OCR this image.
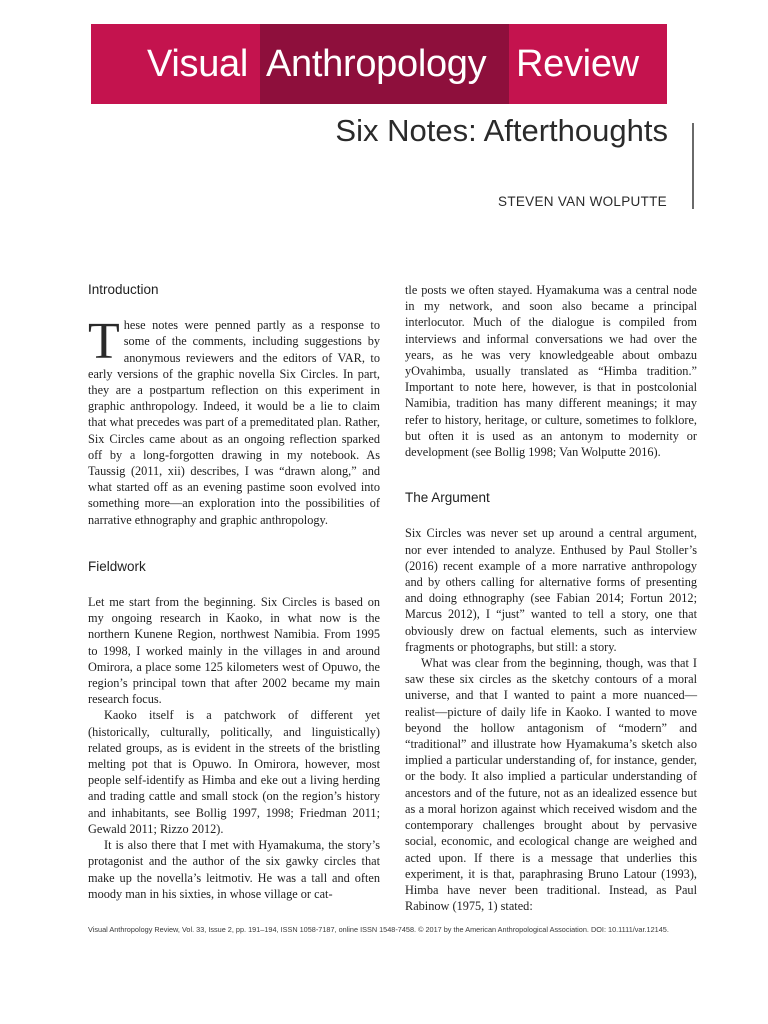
Visual Anthropology Review
Six Notes: Afterthoughts
STEVEN VAN WOLPUTTE
Introduction

These notes were penned partly as a response to some of the comments, including suggestions by anonymous reviewers and the editors of VAR, to early versions of the graphic novella Six Circles. In part, they are a postpartum reflection on this experiment in graphic anthropology. Indeed, it would be a lie to claim that what precedes was part of a premeditated plan. Rather, Six Circles came about as an ongoing reflection sparked off by a long-forgotten drawing in my notebook. As Taussig (2011, xii) describes, I was “drawn along,” and what started off as an evening pastime soon evolved into something more—an exploration into the possibilities of narrative ethnography and graphic anthropology.

Fieldwork

Let me start from the beginning. Six Circles is based on my ongoing research in Kaoko, in what now is the northern Kunene Region, northwest Namibia. From 1995 to 1998, I worked mainly in the villages in and around Omirora, a place some 125 kilometers west of Opuwo, the region’s principal town that after 2002 became my main research focus.

Kaoko itself is a patchwork of different yet (historically, culturally, politically, and linguistically) related groups, as is evident in the streets of the bristling melting pot that is Opuwo. In Omirora, however, most people self-identify as Himba and eke out a living herding and trading cattle and small stock (on the region’s history and inhabitants, see Bollig 1997, 1998; Friedman 2011; Gewald 2011; Rizzo 2012).

It is also there that I met with Hyamakuma, the story’s protagonist and the author of the six gawky circles that make up the novella’s leitmotiv. He was a tall and often moody man in his sixties, in whose village or cat-

tle posts we often stayed. Hyamakuma was a central node in my network, and soon also became a principal interlocutor. Much of the dialogue is compiled from interviews and informal conversations we had over the years, as he was very knowledgeable about ombazu yOvahimba, usually translated as “Himba tradition.” Important to note here, however, is that in postcolonial Namibia, tradition has many different meanings; it may refer to history, heritage, or culture, sometimes to folklore, but often it is used as an antonym to modernity or development (see Bollig 1998; Van Wolputte 2016).

The Argument

Six Circles was never set up around a central argument, nor ever intended to analyze. Enthused by Paul Stoller’s (2016) recent example of a more narrative anthropology and by others calling for alternative forms of presenting and doing ethnography (see Fabian 2014; Fortun 2012; Marcus 2012), I “just” wanted to tell a story, one that obviously drew on factual elements, such as interview fragments or photographs, but still: a story.

What was clear from the beginning, though, was that I saw these six circles as the sketchy contours of a moral universe, and that I wanted to paint a more nuanced—realist—picture of daily life in Kaoko. I wanted to move beyond the hollow antagonism of “modern” and “traditional” and illustrate how Hyamakuma’s sketch also implied a particular understanding of, for instance, gender, or the body. It also implied a particular understanding of ancestors and of the future, not as an idealized essence but as a moral horizon against which received wisdom and the contemporary challenges brought about by pervasive social, economic, and ecological change are weighed and acted upon. If there is a message that underlies this experiment, it is that, paraphrasing Bruno Latour (1993), Himba have never been traditional. Instead, as Paul Rabinow (1975, 1) stated:

Visual Anthropology Review, Vol. 33, Issue 2, pp. 191–194, ISSN 1058-7187, online ISSN 1548-7458. © 2017 by the American Anthropological Association. DOI: 10.1111/var.12145.
